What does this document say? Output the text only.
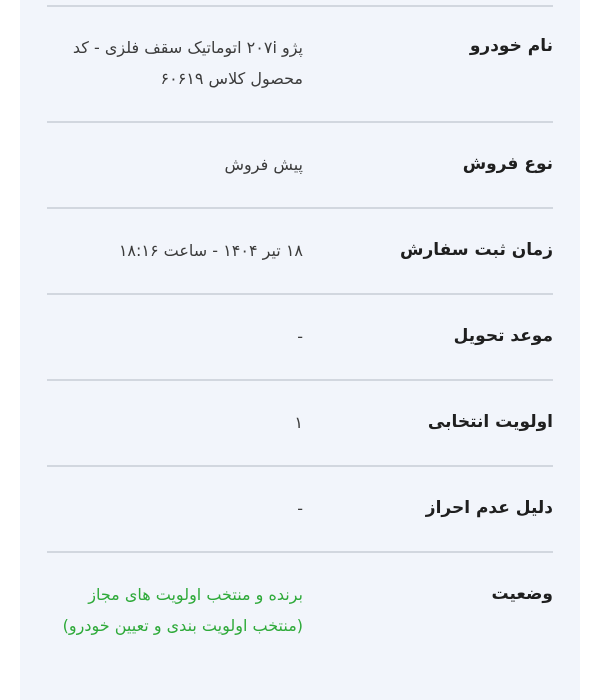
نام خودرو
پژو ۲۰۷i اتوماتیک سقف فلزی - کد محصول کلاس ۶۰۶۱۹
نوع فروش
پیش فروش
زمان ثبت سفارش
۱۸ تیر ۱۴۰۴ - ساعت ۱۸:۱۶
موعد تحویل
-
اولویت انتخابی
۱
دلیل عدم احراز
-
وضعیت
برنده و منتخب اولویت های مجاز (منتخب اولویت بندی و تعیین خودرو)
